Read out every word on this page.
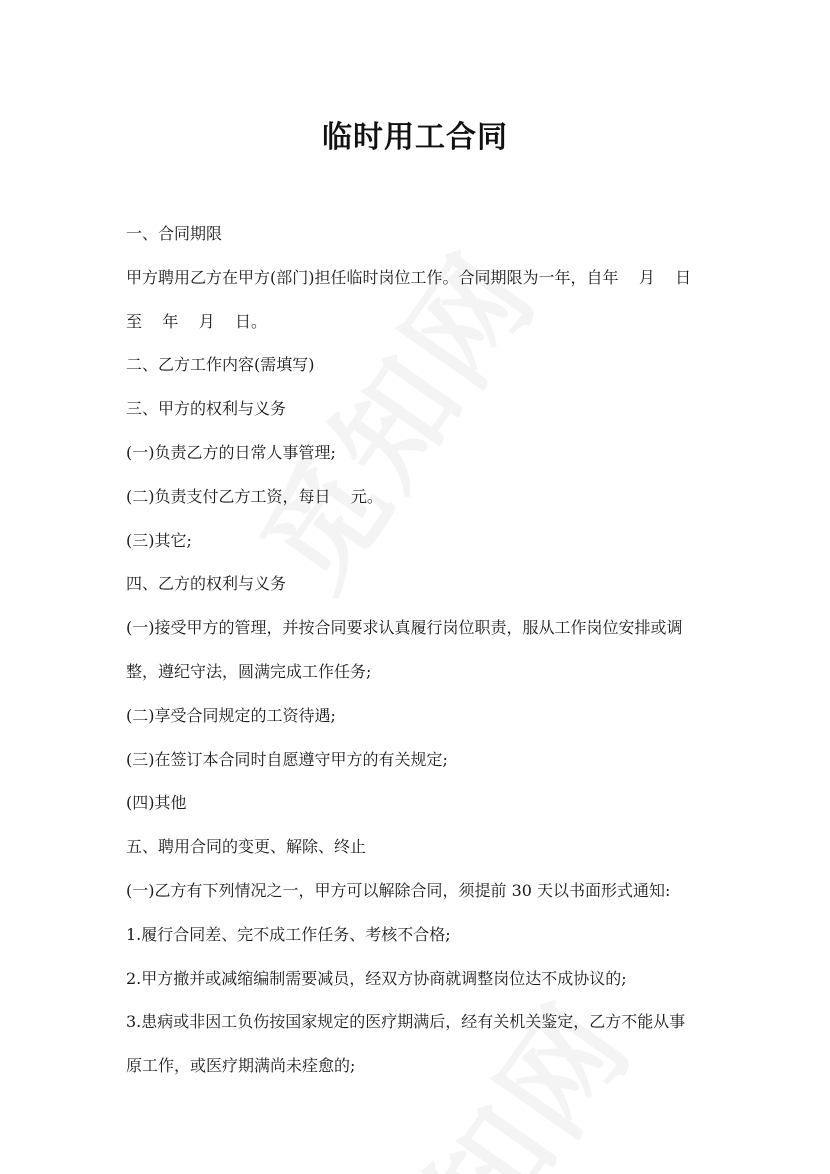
临时用工合同

一、合同期限

甲方聘用乙方在甲方(部门)担任临时岗位工作。合同期限为一年，自年    月    日

至    年    月    日。

二、乙方工作内容(需填写)

三、甲方的权利与义务

(一)负责乙方的日常人事管理;

(二)负责支付乙方工资，每日    元。

(三)其它;

四、乙方的权利与义务

(一)接受甲方的管理，并按合同要求认真履行岗位职责，服从工作岗位安排或调

整，遵纪守法，圆满完成工作任务;

(二)享受合同规定的工资待遇;

(三)在签订本合同时自愿遵守甲方的有关规定;

(四)其他

五、聘用合同的变更、解除、终止

(一)乙方有下列情况之一，甲方可以解除合同，须提前 30 天以书面形式通知:

1.履行合同差、完不成工作任务、考核不合格;

2.甲方撤并或减缩编制需要减员，经双方协商就调整岗位达不成协议的;

3.患病或非因工负伤按国家规定的医疗期满后，经有关机关鉴定，乙方不能从事

原工作，或医疗期满尚未痊愈的;
